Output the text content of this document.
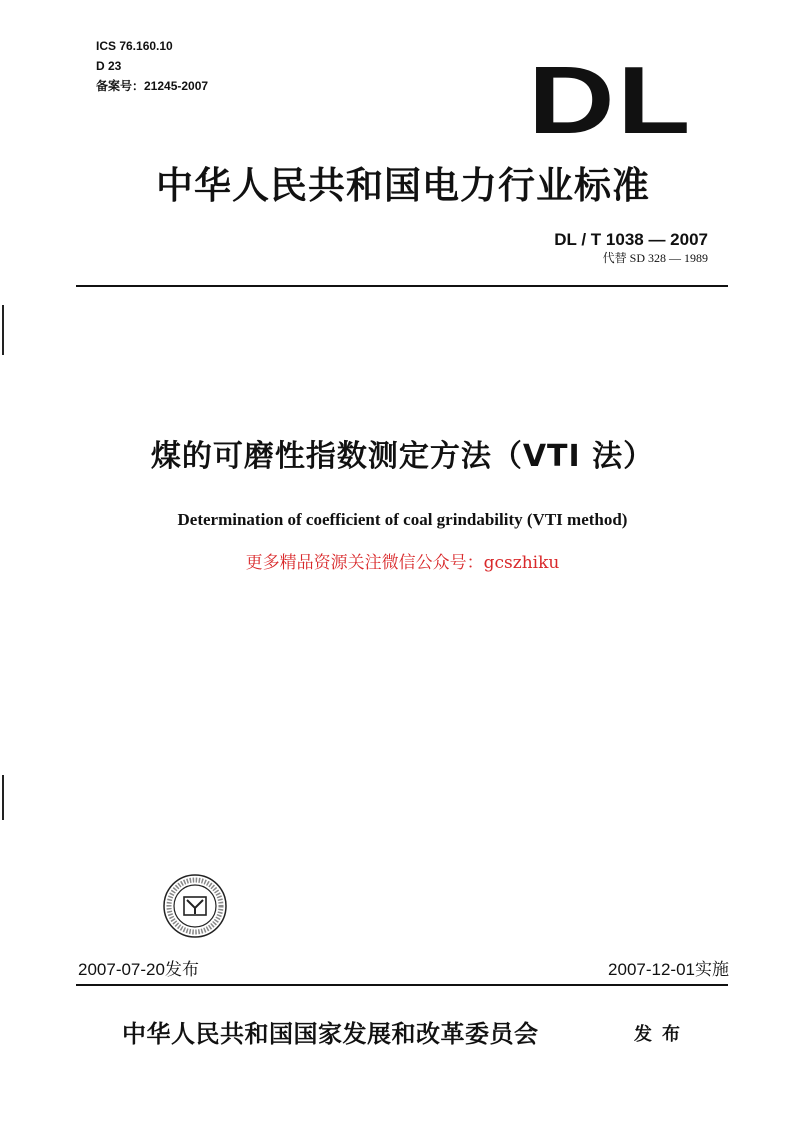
ICS 76.160.10
D 23
备案号：21245-2007	DL
中华人民共和国电力行业标准
DL / T 1038 — 2007
代替 SD 328 — 1989
煤的可磨性指数测定方法（VTI 法）
Determination of coefficient of coal grindability (VTI method)
更多精品资源关注微信公众号：gcszhiku
2007-07-20发布	2007-12-01实施
中华人民共和国国家发展和改革委员会	发布
